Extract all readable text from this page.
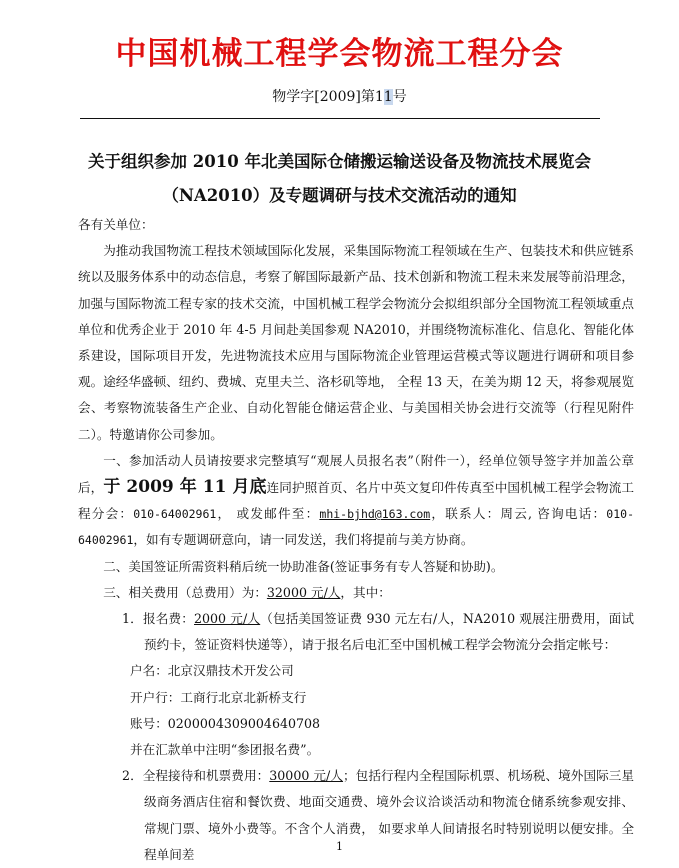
中国机械工程学会物流工程分会
物学字[2009]第11号
关于组织参加 2010 年北美国际仓储搬运输送设备及物流技术展览会
（NA2010）及专题调研与技术交流活动的通知

各有关单位：

为推动我国物流工程技术领域国际化发展，采集国际物流工程领域在生产、包装技术和供应链系统以及服务体系中的动态信息，考察了解国际最新产品、技术创新和物流工程未来发展等前沿理念，加强与国际物流工程专家的技术交流，中国机械工程学会物流分会拟组织部分全国物流工程领域重点单位和优秀企业于 2010 年 4-5 月间赴美国参观 NA2010，并围绕物流标准化、信息化、智能化体系建设，国际项目开发，先进物流技术应用与国际物流企业管理运营模式等议题进行调研和项目参观。途经华盛顿、纽约、费城、克里夫兰、洛杉矶等地， 全程 13 天，在美为期 12 天，将参观展览会、考察物流装备生产企业、自动化智能仓储运营企业、与美国相关协会进行交流等（行程见附件二）。特邀请你公司参加。

一、参加活动人员请按要求完整填写“观展人员报名表”（附件一），经单位领导签字并加盖公章后，于 2009 年 11 月底连同护照首页、名片中英文复印件传真至中国机械工程学会物流工程分会：010-64002961， 或发邮件至：mhi-bjhd@163.com，联系人：周云, 咨询电话：010-64002961，如有专题调研意向，请一同发送，我们将提前与美方协商。

二、美国签证所需资料稍后统一协助准备(签证事务有专人答疑和协助)。

三、相关费用（总费用）为：32000 元/人，其中：

1．报名费：2000 元/人（包括美国签证费 930 元左右/人，NA2010 观展注册费用，面试预约卡，签证资料快递等），请于报名后电汇至中国机械工程学会物流分会指定帐号：

户名：北京汉鼎技术开发公司

开户行：工商行北京北新桥支行

账号：0200004309004640708

并在汇款单中注明“参团报名费”。

2．全程接待和机票费用：30000 元/人；包括行程内全程国际机票、机场税、境外国际三星级商务酒店住宿和餐饮费、地面交通费、境外会议洽谈活动和物流仓储系统参观安排、常规门票、境外小费等。不含个人消费， 如要求单人间请报名时特别说明以便安排。全程单间差

1
